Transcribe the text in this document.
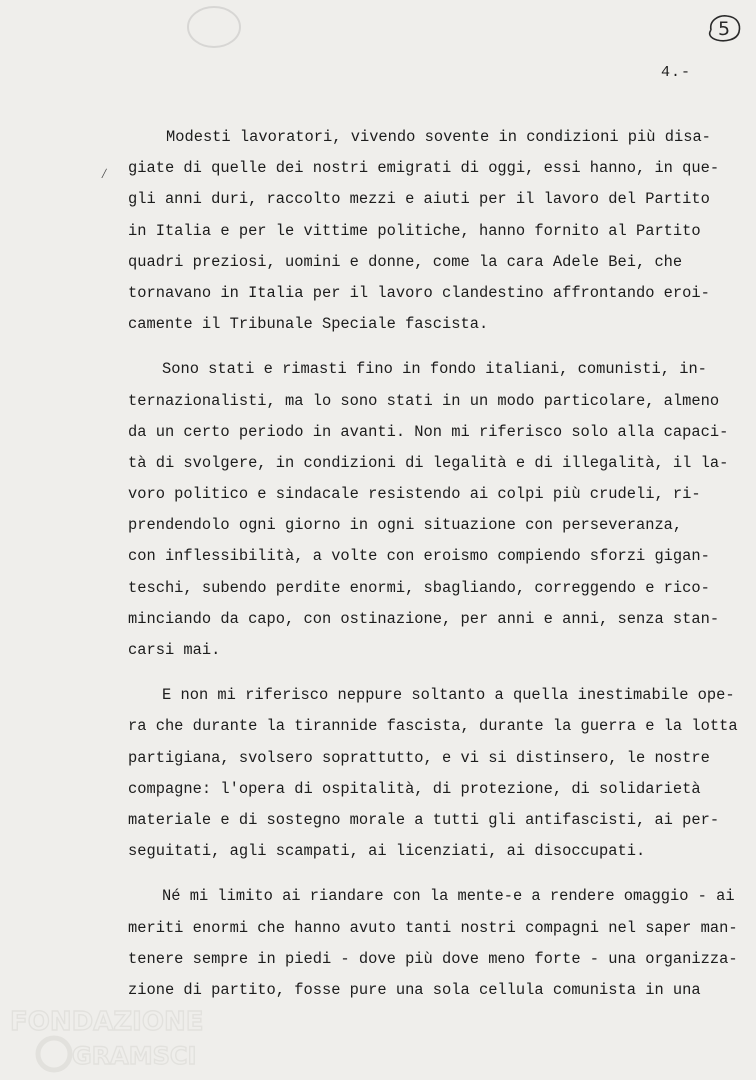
5
4.-
∕
Modesti lavoratori, vivendo sovente in condizioni più disa-
giate di quelle dei nostri emigrati di oggi, essi hanno, in que-
gli anni duri, raccolto mezzi e aiuti per il lavoro del Partito
in Italia e per le vittime politiche, hanno fornito al Partito
quadri preziosi, uomini e donne, come la cara Adele Bei, che
tornavano in Italia per il lavoro clandestino affrontando eroi-
camente il Tribunale Speciale fascista.
Sono stati e rimasti fino in fondo italiani, comunisti, in-
ternazionalisti, ma lo sono stati in un modo particolare, almeno
da un certo periodo in avanti. Non mi riferisco solo alla capaci-
tà di svolgere, in condizioni di legalità e di illegalità, il la-
voro politico e sindacale resistendo ai colpi più crudeli, ri-
prendendolo ogni giorno in ogni situazione con perseveranza,
con inflessibilità, a volte con eroismo compiendo sforzi gigan-
teschi, subendo perdite enormi, sbagliando, correggendo e rico-
minciando da capo, con ostinazione, per anni e anni, senza stan-
carsi mai.
E non mi riferisco neppure soltanto a quella inestimabile ope-
ra che durante la tirannide fascista, durante la guerra e la lotta
partigiana, svolsero soprattutto, e vi si distinsero, le nostre
compagne: l'opera di ospitalità, di protezione, di solidarietà
materiale e di sostegno morale a tutti gli antifascisti, ai per-
seguitati, agli scampati, ai licenziati, ai disoccupati.
Né mi limito ai riandare con la mente-e a rendere omaggio - ai
meriti enormi che hanno avuto tanti nostri compagni nel saper man-
tenere sempre in piedi - dove più dove meno forte - una organizza-
zione di partito, fosse pure una sola cellula comunista in una
FONDAZIONE
GRAMSCI
